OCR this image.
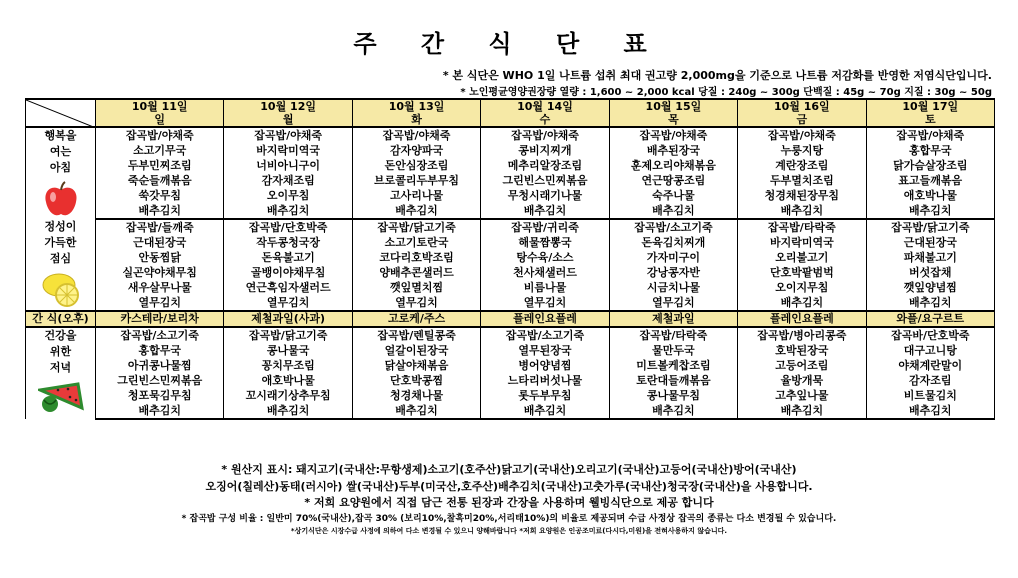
주 간 식 단 표
* 본 식단은 WHO 1일 나트륨 섭취 최대 권고량 2,000mg을 기준으로 나트륨 저감화를 반영한 저염식단입니다.
* 노인평균영양권장량 열량 : 1,600 ~ 2,000 kcal 당질 : 240g ~ 300g 단백질 : 45g ~ 70g 지질 : 30g ~ 50g
	10월 11일	10월 12일	10월 13일	10월 14일	10월 15일	10월 16일	10월 17일
	일	월	화	수	목	금	토

행복을
여는
아침	잡곡밥/야채죽	잡곡밥/야채죽	잡곡밥/야채죽	잡곡밥/야채죽	잡곡밥/야채죽	잡곡밥/야채죽	잡곡밥/야채죽
	소고기무국	바지락미역국	감자양파국	콩비지찌개	배추된장국	누룽지탕	홍합무국
	두부민찌조림	너비아니구이	돈안심장조림	메추리알장조림	훈제오리야채볶음	계란장조림	닭가슴살장조림
	죽순들깨볶음	감자채조림	브로콜리두부무침	그린빈스민찌볶음	연근땅콩조림	두부멸치조림	표고들깨볶음
	쑥갓무침	오이무침	고사리나물	무청시래기나물	숙주나물	청경채된장무침	애호박나물
	배추김치	배추김치	배추김치	배추김치	배추김치	배추김치	배추김치

정성이
가득한
점심	잡곡밥/들깨죽	잡곡밥/단호박죽	잡곡밥/닭고기죽	잡곡밥/귀리죽	잡곡밥/소고기죽	잡곡밥/타락죽	잡곡밥/닭고기죽
	근대된장국	작두콩청국장	소고기토란국	해물짬뽕국	돈육김치찌개	바지락미역국	근대된장국
	안동찜닭	돈육불고기	코다리호박조림	탕수육/소스	가자미구이	오리불고기	파채불고기
	실곤약야채무침	골뱅이야채무침	양배추콘샐러드	천사채샐러드	강낭콩자반	단호박팥범벅	버섯잡채
	새우살무나물	연근흑임자샐러드	깻잎멸치찜	비름나물	시금치나물	오이지무침	깻잎양념찜
	열무김치	열무김치	열무김치	열무김치	열무김치	배추김치	배추김치
간 식(오후)	카스테라/보리차	제철과일(사과)	고로케/주스	플레인요플레	제철과일	플레인요플레	와플/요구르트

건강을
위한
저녁	잡곡밥/소고기죽	잡곡밥/닭고기죽	잡곡밥/렌틸콩죽	잡곡밥/소고기죽	잡곡밥/타락죽	잡곡밥/병아리콩죽	잡곡바/단호박죽
	홍합무국	콩나물국	얼갈이된장국	열무된장국	물만두국	호박된장국	대구고니탕
	아귀콩나물찜	꽁치무조림	닭살야채볶음	병어양념찜	미트볼케찹조림	고등어조림	야채계란말이
	그린빈스민찌볶음	애호박나물	단호박콩찜	느타리버섯나물	토란대들깨볶음	율방개묵	감자조림
	청포묵김무침	꼬시래기상추무침	청경채나물	롯두부무침	콩나물무침	고추잎나물	비트물김치
	배추김치	배추김치	배추김치	배추김치	배추김치	배추김치	배추김치
* 원산지 표시: 돼지고기(국내산:무항생제)소고기(호주산)닭고기(국내산)오리고기(국내산)고등어(국내산)방어(국내산)
오징어(칠레산)동태(러시아) 쌀(국내산)두부(미국산,호주산)배추김치(국내산)고춧가루(국내산)청국장(국내산)을 사용합니다.
* 저희 요양원에서 직접 담근 전통 된장과 간장을 사용하며 웰빙식단으로 제공 합니다
* 잡곡밥 구성 비율 : 일반미 70%(국내산),잡곡 30% (보리10%,찰흑미20%,서리태10%)의 비율로 제공되며 수급 사정상 잡곡의 종류는 다소 변경될 수 있습니다.
*상기식단은 시장수급 사정에 의하여 다소 변경될 수 있으니 양해바랍니다 *저희 요양원은 인공조미료(다시다,미원)을 전혀사용하지 않습니다.
